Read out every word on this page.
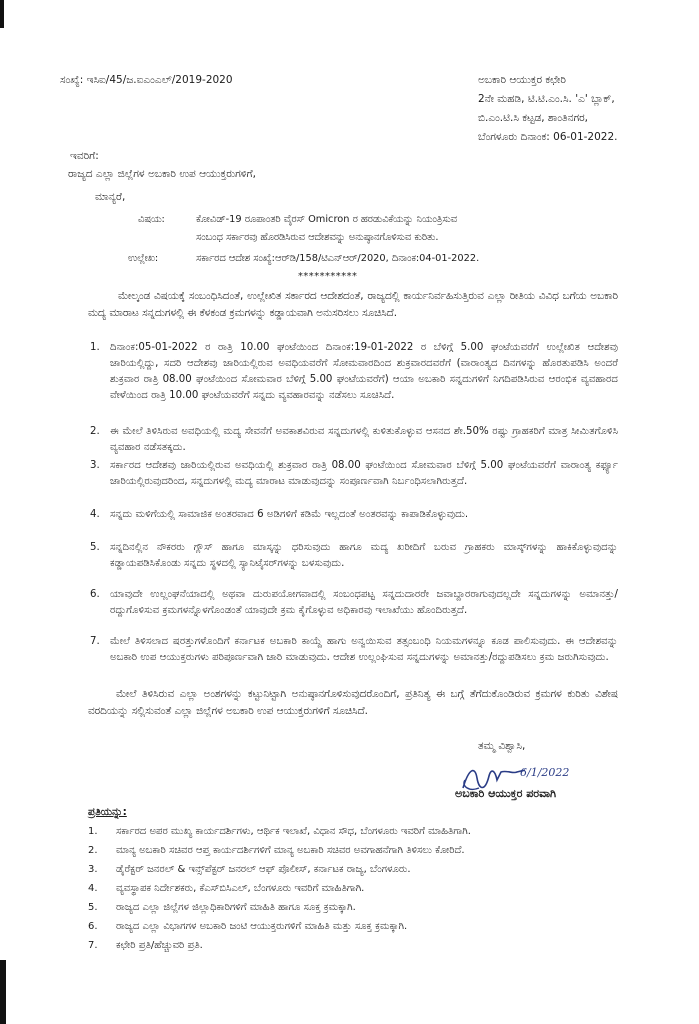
ಸಂಖ್ಯೆ: ಇಸಿಐ/45/ಜ.ಐಎಂಎಲ್/2019-2020	ಅಬಕಾರಿ ಆಯುಕ್ತರ ಕಛೇರಿ
2ನೇ ಮಹಡಿ, ಟಿ.ಟಿ.ಎಂ.ಸಿ. 'ಎ' ಬ್ಲಾಕ್,
ಬಿ.ಎಂ.ಟಿ.ಸಿ ಕಟ್ಟಡ, ಶಾಂತಿನಗರ,
ಬೆಂಗಳೂರು ದಿನಾಂಕ: 06-01-2022.
ಇವರಿಗೆ:
ರಾಜ್ಯದ ಎಲ್ಲಾ ಜಿಲ್ಲೆಗಳ ಅಬಕಾರಿ ಉಪ ಆಯುಕ್ತರುಗಳಿಗೆ,
ಮಾನ್ಯರೆ,
ವಿಷಯ:	ಕೋವಿಡ್-19 ರೂಪಾಂತರಿ ವೈರಸ್ Omicron ರ ಹರಡುವಿಕೆಯನ್ನು ನಿಯಂತ್ರಿಸುವ
ಸಂಬಂಧ ಸರ್ಕಾರವು ಹೊರಡಿಸಿರುವ ಆದೇಶವನ್ನು ಅನುಷ್ಠಾನಗೊಳಿಸುವ ಕುರಿತು.
ಉಲ್ಲೇಖ:	ಸರ್ಕಾರದ ಆದೇಶ ಸಂಖ್ಯೆ:ಆರ್‌ಡಿ/158/ಟಿಎನ್‌ಆರ್/2020, ದಿನಾಂಕ:04-01-2022.
***********
ಮೇಲ್ಕಂಡ ವಿಷಯಕ್ಕೆ ಸಂಬಂಧಿಸಿದಂತೆ, ಉಲ್ಲೇಖಿತ ಸರ್ಕಾರದ ಆದೇಶದಂತೆ, ರಾಜ್ಯದಲ್ಲಿ ಕಾರ್ಯನಿರ್ವಹಿಸುತ್ತಿರುವ ಎಲ್ಲಾ ರೀತಿಯ ವಿವಿಧ ಬಗೆಯ ಅಬಕಾರಿ ಮದ್ಯ ಮಾರಾಟ ಸನ್ನದುಗಳಲ್ಲಿ ಈ ಕೆಳಕಂಡ ಕ್ರಮಗಳನ್ನು ಕಡ್ಡಾಯವಾಗಿ ಅನುಸರಿಸಲು ಸೂಚಿಸಿದೆ.
1. ದಿನಾಂಕ:05-01-2022 ರ ರಾತ್ರಿ 10.00 ಘಂಟೆಯಿಂದ ದಿನಾಂಕ:19-01-2022 ರ ಬೆಳಿಗ್ಗೆ 5.00 ಘಂಟೆಯವರೆಗೆ ಉಲ್ಲೇಖಿತ ಆದೇಶವು ಜಾರಿಯಲ್ಲಿದ್ದು, ಸದರಿ ಆದೇಶವು ಜಾರಿಯಲ್ಲಿರುವ ಅವಧಿಯವರೆಗೆ ಸೋಮವಾರದಿಂದ ಶುಕ್ರವಾರದವರೆಗೆ (ವಾರಾಂತ್ಯದ ದಿನಗಳನ್ನು ಹೊರತುಪಡಿಸಿ ಅಂದರೆ ಶುಕ್ರವಾರ ರಾತ್ರಿ 08.00 ಘಂಟೆಯಿಂದ ಸೋಮವಾರ ಬೆಳಿಗ್ಗೆ 5.00 ಘಂಟೆಯವರೆಗೆ) ಆಯಾ ಅಬಕಾರಿ ಸನ್ನದುಗಳಿಗೆ ನಿಗದಿಪಡಿಸಿರುವ ಆರಂಭಿಕ ವ್ಯವಹಾರದ ವೇಳೆಯಿಂದ ರಾತ್ರಿ 10.00 ಘಂಟೆಯವರೆಗೆ ಸನ್ನದು ವ್ಯವಹಾರವನ್ನು ನಡೆಸಲು ಸೂಚಿಸಿದೆ.
2. ಈ ಮೇಲೆ ತಿಳಿಸಿರುವ ಅವಧಿಯಲ್ಲಿ ಮದ್ಯ ಸೇವನೆಗೆ ಅವಕಾಶವಿರುವ ಸನ್ನದುಗಳಲ್ಲಿ ಕುಳಿತುಕೊಳ್ಳುವ ಆಸನದ ಶೇ.50% ರಷ್ಟು ಗ್ರಾಹಕರಿಗೆ ಮಾತ್ರ ಸೀಮಿತಗೊಳಿಸಿ ವ್ಯವಹಾರ ನಡೆಸತಕ್ಕದು.
3. ಸರ್ಕಾರದ ಆದೇಶವು ಜಾರಿಯಲ್ಲಿರುವ ಅವಧಿಯಲ್ಲಿ ಶುಕ್ರವಾರ ರಾತ್ರಿ 08.00 ಘಂಟೆಯಿಂದ ಸೋಮವಾರ ಬೆಳಿಗ್ಗೆ 5.00 ಘಂಟೆಯವರೆಗೆ ವಾರಾಂತ್ಯ ಕರ್ಫ್ಯೂ ಜಾರಿಯಲ್ಲಿರುವುದರಿಂದ, ಸನ್ನದುಗಳಲ್ಲಿ ಮದ್ಯ ಮಾರಾಟ ಮಾಡುವುದನ್ನು ಸಂಪೂರ್ಣವಾಗಿ ನಿರ್ಬಂಧಿಸಲಾಗಿರುತ್ತದೆ.
4. ಸನ್ನದು ಮಳಿಗೆಯಲ್ಲಿ ಸಾಮಾಜಿಕ ಅಂತರವಾದ 6 ಅಡಿಗಳಿಗೆ ಕಡಿಮೆ ಇಲ್ಲದಂತೆ ಅಂತರವನ್ನು ಕಾಪಾಡಿಕೊಳ್ಳುವುದು.
5. ಸನ್ನದಿನಲ್ಲಿನ ನೌಕರರು ಗ್ಲೌಸ್ ಹಾಗೂ ಮಾಸ್ಕನ್ನು ಧರಿಸುವುದು ಹಾಗೂ ಮದ್ಯ ಖರೀದಿಗೆ ಬರುವ ಗ್ರಾಹಕರು ಮಾಸ್ಕ್‌ಗಳನ್ನು ಹಾಕಿಕೊಳ್ಳುವುದನ್ನು ಕಡ್ಡಾಯಪಡಿಸಿಕೊಂಡು ಸನ್ನದು ಸ್ಥಳದಲ್ಲಿ ಸ್ಯಾನಿಟೈಸರ್‌ಗಳನ್ನು ಬಳಸುವುದು.
6. ಯಾವುದೇ ಉಲ್ಲಂಘನೆಯಾದಲ್ಲಿ ಅಥವಾ ದುರುಪಯೋಗವಾದಲ್ಲಿ ಸಂಬಂಧಪಟ್ಟ ಸನ್ನದುದಾರರೇ ಜವಾಬ್ದಾರರಾಗುವುದಲ್ಲದೇ ಸನ್ನದುಗಳನ್ನು ಅಮಾನತ್ತು/ರದ್ದುಗೊಳಿಸುವ ಕ್ರಮಗಳನ್ನೊಳಗೊಂಡಂತೆ ಯಾವುದೇ ಕ್ರಮ ಕೈಗೊಳ್ಳುವ ಅಧಿಕಾರವು ಇಲಾಖೆಯು ಹೊಂದಿರುತ್ತದೆ.
7. ಮೇಲೆ ತಿಳಿಸಲಾದ ಷರತ್ತುಗಳೊಂದಿಗೆ ಕರ್ನಾಟಕ ಅಬಕಾರಿ ಕಾಯ್ದೆ ಹಾಗು ಅನ್ವಯಿಸುವ ತತ್ಸಂಬಂಧಿ ನಿಯಮಗಳನ್ನೂ ಕೂಡ ಪಾಲಿಸುವುದು. ಈ ಆದೇಶವನ್ನು ಅಬಕಾರಿ ಉಪ ಆಯುಕ್ತರುಗಳು ಪರಿಪೂರ್ಣವಾಗಿ ಜಾರಿ ಮಾಡುವುದು. ಆದೇಶ ಉಲ್ಲಂಘಿಸುವ ಸನ್ನದುಗಳನ್ನು ಅಮಾನತ್ತು/ರದ್ದುಪಡಿಸಲು ಕ್ರಮ ಜರುಗಿಸುವುದು.
ಮೇಲೆ ತಿಳಿಸಿರುವ ಎಲ್ಲಾ ಅಂಶಗಳನ್ನು ಕಟ್ಟುನಿಟ್ಟಾಗಿ ಅನುಷ್ಠಾನಗೊಳಿಸುವುದರೊಂದಿಗೆ, ಪ್ರತಿನಿತ್ಯ ಈ ಬಗ್ಗೆ ತೆಗೆದುಕೊಂಡಿರುವ ಕ್ರಮಗಳ ಕುರಿತು ವಿಶೇಷ ವರದಿಯನ್ನು ಸಲ್ಲಿಸುವಂತೆ ಎಲ್ಲಾ ಜಿಲ್ಲೆಗಳ ಅಬಕಾರಿ ಉಪ ಆಯುಕ್ತರುಗಳಿಗೆ ಸೂಚಿಸಿದೆ.
ತಮ್ಮ ವಿಶ್ವಾಸಿ,
6/1/2022
ಅಬಕಾರಿ ಆಯುಕ್ತರ ಪರವಾಗಿ
ಪ್ರತಿಯನ್ನು:
1. ಸರ್ಕಾರದ ಅಪರ ಮುಖ್ಯ ಕಾರ್ಯದರ್ಶಿಗಳು, ಆರ್ಥಿಕ ಇಲಾಖೆ, ವಿಧಾನ ಸೌಧ, ಬೆಂಗಳೂರು ಇವರಿಗೆ ಮಾಹಿತಿಗಾಗಿ.
2. ಮಾನ್ಯ ಅಬಕಾರಿ ಸಚಿವರ ಆಪ್ತ ಕಾರ್ಯದರ್ಶಿಗಳಿಗೆ ಮಾನ್ಯ ಅಬಕಾರಿ ಸಚಿವರ ಅವಗಾಹನೆಗಾಗಿ ತಿಳಿಸಲು ಕೋರಿದೆ.
3. ಡೈರೆಕ್ಟರ್ ಜನರಲ್ & ಇನ್ಸ್‌ಪೆಕ್ಟರ್ ಜನರಲ್ ಆಫ್ ಪೊಲೀಸ್, ಕರ್ನಾಟಕ ರಾಜ್ಯ, ಬೆಂಗಳೂರು.
4. ವ್ಯವಸ್ಥಾಪಕ ನಿರ್ದೇಶಕರು, ಕೆಎಸ್‌ಬಿಸಿಎಲ್, ಬೆಂಗಳೂರು ಇವರಿಗೆ ಮಾಹಿತಿಗಾಗಿ.
5. ರಾಜ್ಯದ ಎಲ್ಲಾ ಜಿಲ್ಲೆಗಳ ಜಿಲ್ಲಾಧಿಕಾರಿಗಳಿಗೆ ಮಾಹಿತಿ ಹಾಗೂ ಸೂಕ್ತ ಕ್ರಮಕ್ಕಾಗಿ.
6. ರಾಜ್ಯದ ಎಲ್ಲಾ ವಿಭಾಗಗಳ ಅಬಕಾರಿ ಜಂಟಿ ಆಯುಕ್ತರುಗಳಿಗೆ ಮಾಹಿತಿ ಮತ್ತು ಸೂಕ್ತ ಕ್ರಮಕ್ಕಾಗಿ.
7. ಕಛೇರಿ ಪ್ರತಿ/ಹೆಚ್ಚುವರಿ ಪ್ರತಿ.
